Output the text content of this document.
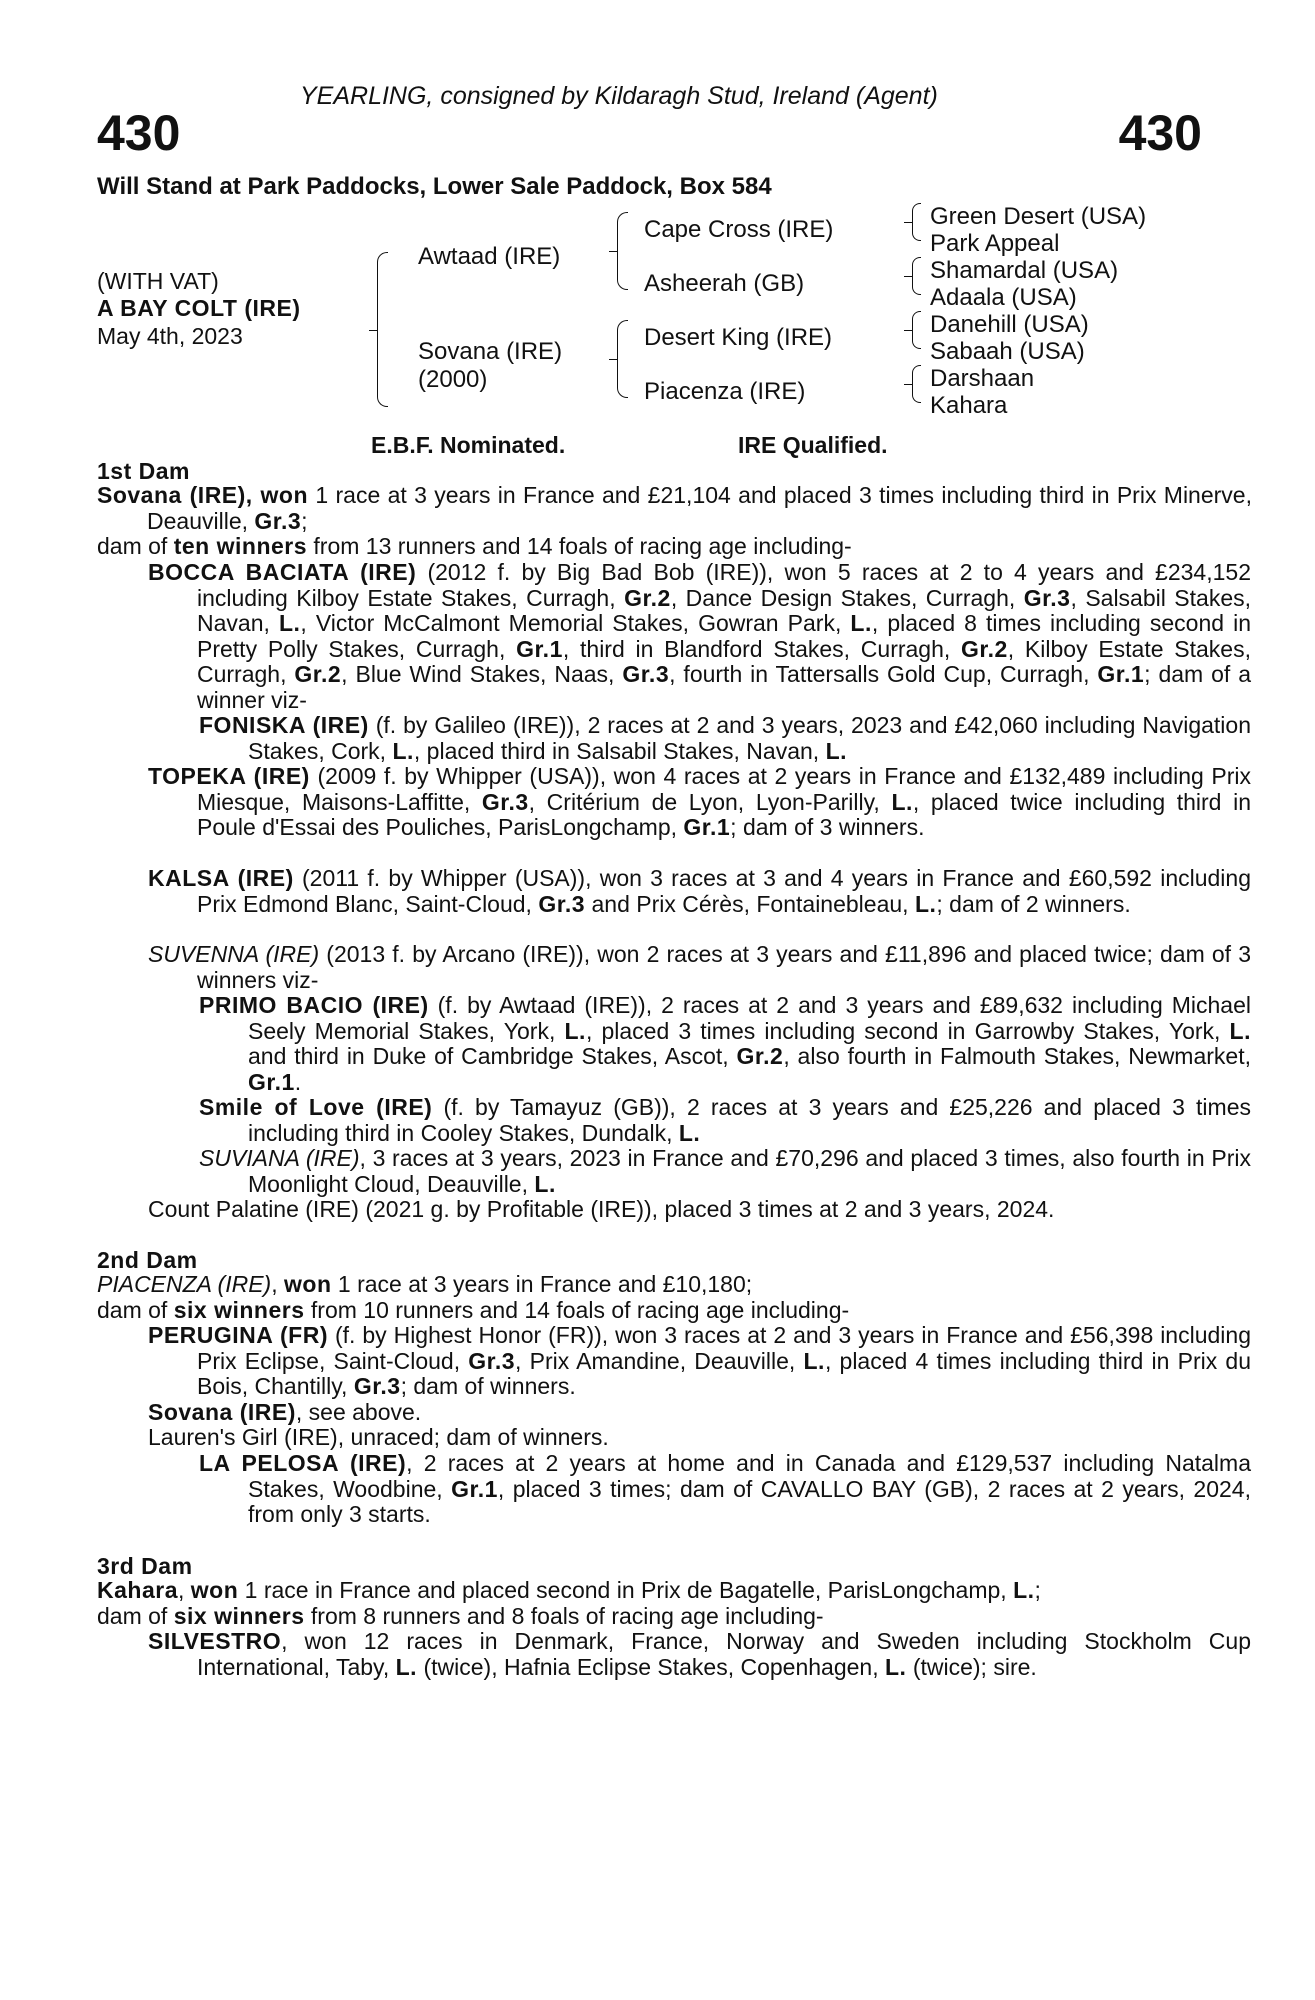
YEARLING, consigned by Kildaragh Stud, Ireland (Agent)
430	430
Will Stand at Park Paddocks, Lower Sale Paddock, Box 584
(WITH VAT)
A BAY COLT (IRE)
May 4th, 2023
Awtaad (IRE)
Sovana (IRE)
(2000)
Cape Cross (IRE)
Asheerah (GB)
Desert King (IRE)
Piacenza (IRE)
Green Desert (USA)
Park Appeal
Shamardal (USA)
Adaala (USA)
Danehill (USA)
Sabaah (USA)
Darshaan
Kahara
E.B.F. Nominated.	IRE Qualified.
1st Dam
Sovana (IRE), won 1 race at 3 years in France and £21,104 and placed 3 times including third in Prix Minerve, Deauville, Gr.3;
dam of ten winners from 13 runners and 14 foals of racing age including-
BOCCA BACIATA (IRE) (2012 f. by Big Bad Bob (IRE)), won 5 races at 2 to 4 years and £234,152 including Kilboy Estate Stakes, Curragh, Gr.2, Dance Design Stakes, Curragh, Gr.3, Salsabil Stakes, Navan, L., Victor McCalmont Memorial Stakes, Gowran Park, L., placed 8 times including second in Pretty Polly Stakes, Curragh, Gr.1, third in Blandford Stakes, Curragh, Gr.2, Kilboy Estate Stakes, Curragh, Gr.2, Blue Wind Stakes, Naas, Gr.3, fourth in Tattersalls Gold Cup, Curragh, Gr.1; dam of a winner viz-
FONISKA (IRE) (f. by Galileo (IRE)), 2 races at 2 and 3 years, 2023 and £42,060 including Navigation Stakes, Cork, L., placed third in Salsabil Stakes, Navan, L.
TOPEKA (IRE) (2009 f. by Whipper (USA)), won 4 races at 2 years in France and £132,489 including Prix Miesque, Maisons-Laffitte, Gr.3, Critérium de Lyon, Lyon-Parilly, L., placed twice including third in Poule d'Essai des Pouliches, ParisLongchamp, Gr.1; dam of 3 winners.
KALSA (IRE) (2011 f. by Whipper (USA)), won 3 races at 3 and 4 years in France and £60,592 including Prix Edmond Blanc, Saint-Cloud, Gr.3 and Prix Cérès, Fontainebleau, L.; dam of 2 winners.
SUVENNA (IRE) (2013 f. by Arcano (IRE)), won 2 races at 3 years and £11,896 and placed twice; dam of 3 winners viz-
PRIMO BACIO (IRE) (f. by Awtaad (IRE)), 2 races at 2 and 3 years and £89,632 including Michael Seely Memorial Stakes, York, L., placed 3 times including second in Garrowby Stakes, York, L. and third in Duke of Cambridge Stakes, Ascot, Gr.2, also fourth in Falmouth Stakes, Newmarket, Gr.1.
Smile of Love (IRE) (f. by Tamayuz (GB)), 2 races at 3 years and £25,226 and placed 3 times including third in Cooley Stakes, Dundalk, L.
SUVIANA (IRE), 3 races at 3 years, 2023 in France and £70,296 and placed 3 times, also fourth in Prix Moonlight Cloud, Deauville, L.
Count Palatine (IRE) (2021 g. by Profitable (IRE)), placed 3 times at 2 and 3 years, 2024.
2nd Dam
PIACENZA (IRE), won 1 race at 3 years in France and £10,180;
dam of six winners from 10 runners and 14 foals of racing age including-
PERUGINA (FR) (f. by Highest Honor (FR)), won 3 races at 2 and 3 years in France and £56,398 including Prix Eclipse, Saint-Cloud, Gr.3, Prix Amandine, Deauville, L., placed 4 times including third in Prix du Bois, Chantilly, Gr.3; dam of winners.
Sovana (IRE), see above.
Lauren's Girl (IRE), unraced; dam of winners.
LA PELOSA (IRE), 2 races at 2 years at home and in Canada and £129,537 including Natalma Stakes, Woodbine, Gr.1, placed 3 times; dam of CAVALLO BAY (GB), 2 races at 2 years, 2024, from only 3 starts.
3rd Dam
Kahara, won 1 race in France and placed second in Prix de Bagatelle, ParisLongchamp, L.;
dam of six winners from 8 runners and 8 foals of racing age including-
SILVESTRO, won 12 races in Denmark, France, Norway and Sweden including Stockholm Cup International, Taby, L. (twice), Hafnia Eclipse Stakes, Copenhagen, L. (twice); sire.
